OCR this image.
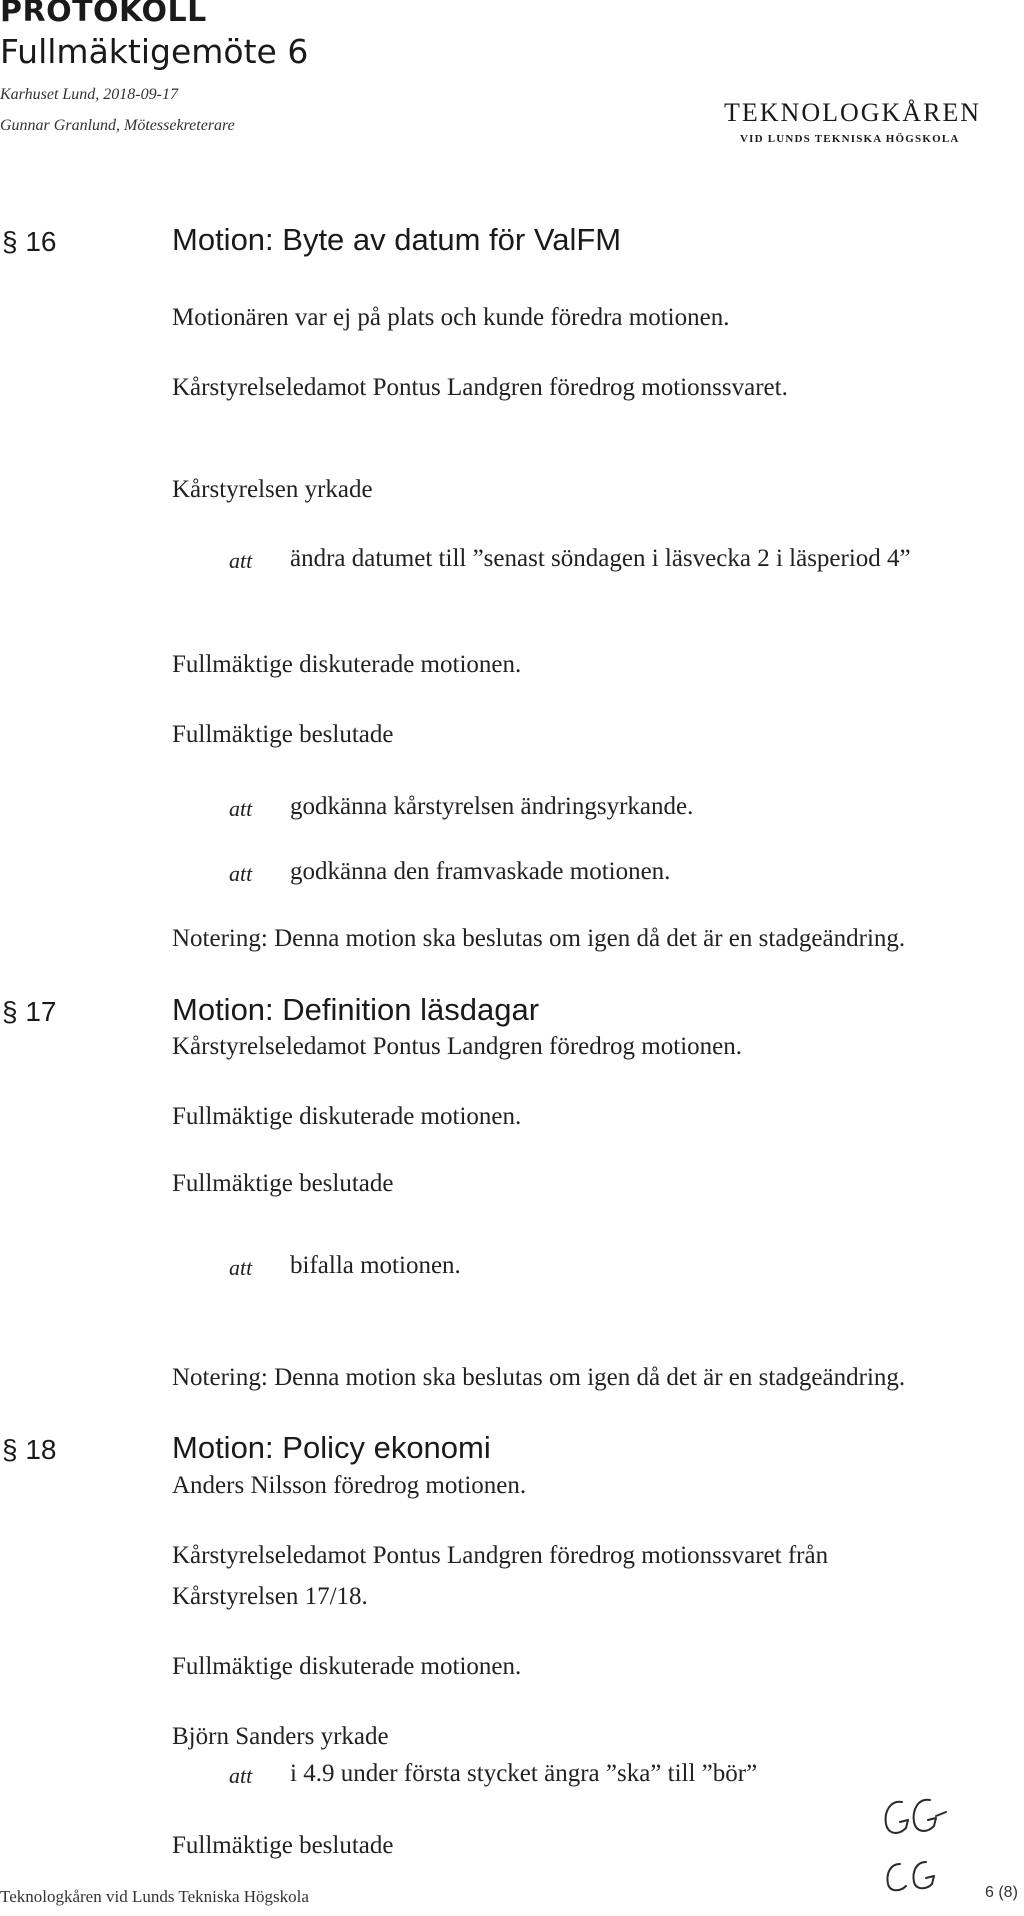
PROTOKOLL
Fullmäktigemöte 6
Karhuset Lund, 2018-09-17
Gunnar Granlund, Mötessekreterare	TEKNOLOGKÅREN
VID LUNDS TEKNISKA HÖGSKOLA
§ 16	Motion: Byte av datum för ValFM
Motionären var ej på plats och kunde föredra motionen.
Kårstyrelseledamot Pontus Landgren föredrog motionssvaret.
Kårstyrelsen yrkade
att ändra datumet till ”senast söndagen i läsvecka 2 i läsperiod 4”
Fullmäktige diskuterade motionen.
Fullmäktige beslutade
att godkänna kårstyrelsen ändringsyrkande.
att godkänna den framvaskade motionen.
Notering: Denna motion ska beslutas om igen då det är en stadgeändring.
§ 17	Motion: Definition läsdagar
Kårstyrelseledamot Pontus Landgren föredrog motionen.
Fullmäktige diskuterade motionen.
Fullmäktige beslutade
att bifalla motionen.
Notering: Denna motion ska beslutas om igen då det är en stadgeändring.
§ 18	Motion: Policy ekonomi
Anders Nilsson föredrog motionen.
Kårstyrelseledamot Pontus Landgren föredrog motionssvaret från
Kårstyrelsen 17/18.
Fullmäktige diskuterade motionen.
Björn Sanders yrkade
att i 4.9 under första stycket ängra ”ska” till ”bör”
Fullmäktige beslutade
Teknologkåren vid Lunds Tekniska Högskola	6 (8)
